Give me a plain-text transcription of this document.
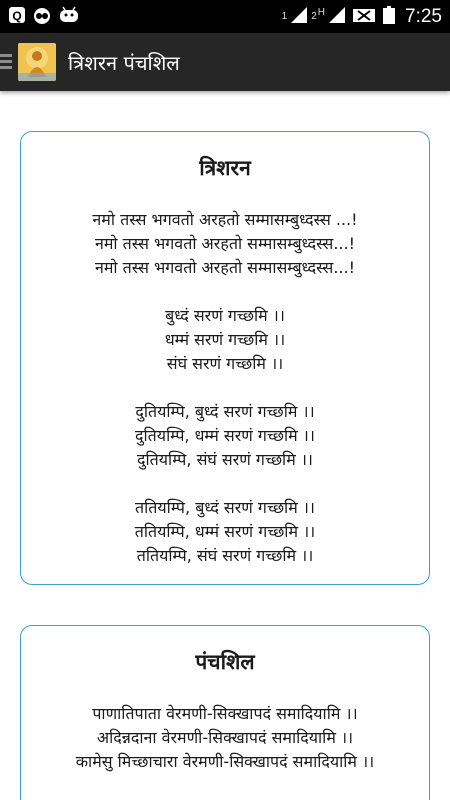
Q	1 2 H	7:25
त्रिशरन पंचशिल
त्रिशरन
नमो तस्स भगवतो अरहतो सम्मासम्बुध्दस्स ...!
नमो तस्स भगवतो अरहतो सम्मासम्बुध्दस्स...!
नमो तस्स भगवतो अरहतो सम्मासम्बुध्दस्स...!
बुध्दं सरणं गच्छमि ।।
धम्मं सरणं गच्छमि ।।
संघं सरणं गच्छमि ।।
दुतियम्पि, बुध्दं सरणं गच्छमि ।।
दुतियम्पि, धम्मं सरणं गच्छमि ।।
दुतियम्पि, संघं सरणं गच्छमि ।।
ततियम्पि, बुध्दं सरणं गच्छमि ।।
ततियम्पि, धम्मं सरणं गच्छमि ।।
ततियम्पि, संघं सरणं गच्छमि ।।
पंचशिल
पाणातिपाता वेरमणी-सिक्खापदं समादियामि ।।
अदिन्नदाना वेरमणी-सिक्खापदं समादियामि ।।
कामेसु मिच्छाचारा वेरमणी-सिक्खापदं समादियामि ।।
